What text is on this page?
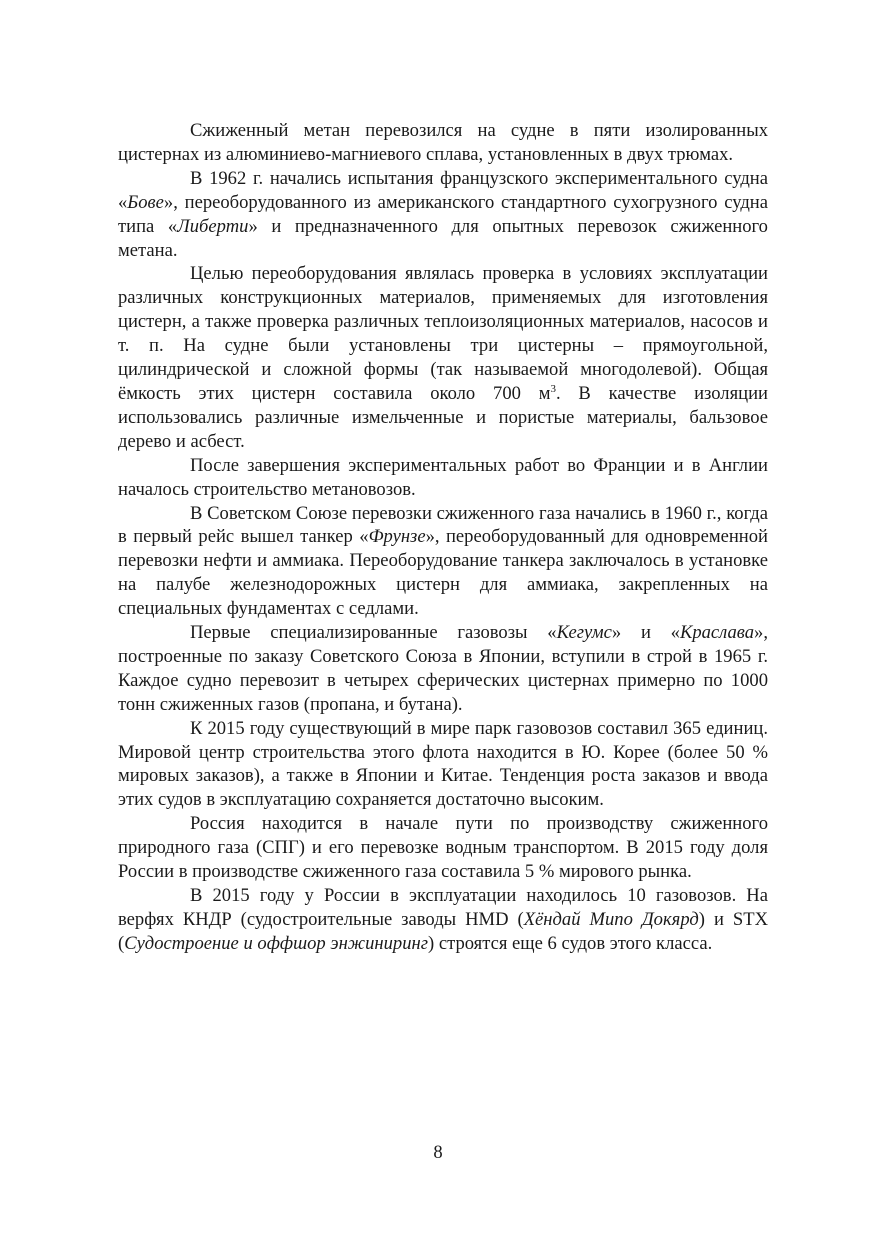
Сжиженный метан перевозился на судне в пяти изолированных цистернах из алюминиево-магниевого сплава, установленных в двух трюмах.

В 1962 г. начались испытания французского экспериментального судна «Бове», переоборудованного из американского стандартного сухогрузного судна типа «Либерти» и предназначенного для опытных перевозок сжиженного метана.

Целью переоборудования являлась проверка в условиях эксплуатации различных конструкционных материалов, применяемых для изготовления цистерн, а также проверка различных теплоизоляционных материалов, насосов и т. п. На судне были установлены три цистерны – прямоугольной, цилиндрической и сложной формы (так называемой многодолевой). Общая ёмкость этих цистерн составила около 700 $м^3$. В качестве изоляции использовались различные измельченные и пористые материалы, бальзовое дерево и асбест.

После завершения экспериментальных работ во Франции и в Англии началось строительство метановозов.

В Советском Союзе перевозки сжиженного газа начались в 1960 г., когда в первый рейс вышел танкер «Фрунзе», переоборудованный для одновременной перевозки нефти и аммиака. Переоборудование танкера заключалось в установке на палубе железнодорожных цистерн для аммиака, закрепленных на специальных фундаментах с седлами.

Первые специализированные газовозы «Кегумс» и «Краслава», построенные по заказу Советского Союза в Японии, вступили в строй в 1965 г. Каждое судно перевозит в четырех сферических цистернах примерно по 1000 тонн сжиженных газов (пропана, и бутана).

К 2015 году существующий в мире парк газовозов составил 365 единиц. Мировой центр строительства этого флота находится в Ю. Корее (более 50 % мировых заказов), а также в Японии и Китае. Тенденция роста заказов и ввода этих судов в эксплуатацию сохраняется достаточно высоким.

Россия находится в начале пути по производству сжиженного природного газа (СПГ) и его перевозке водным транспортом. В 2015 году доля России в производстве сжиженного газа составила 5 % мирового рынка.

В 2015 году у России в эксплуатации находилось 10 газовозов. На верфях КНДР (судостроительные заводы HMD (Хёндай Мипо Докярд) и STX (Судостроение и оффшор энжиниринг) строятся еще 6 судов этого класса.

8
